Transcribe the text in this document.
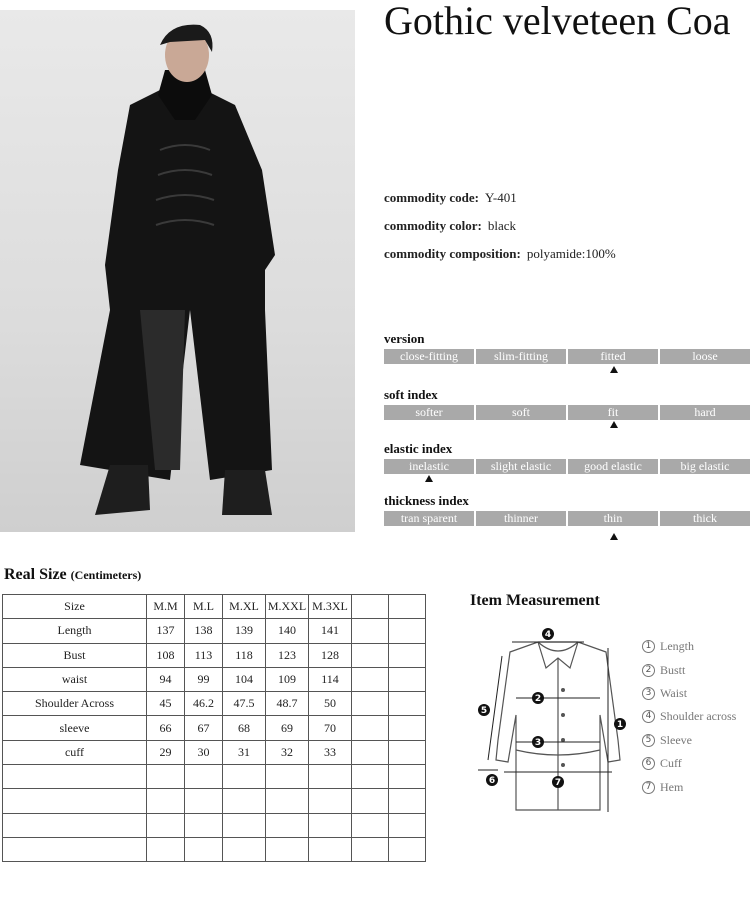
Gothic velveteen Coa
commodity code: Y-401
commodity color: black
commodity composition: polyamide:100%
version
close-fitting	slim-fitting	fitted	loose
soft index
softer	soft	fit	hard
elastic index
inelastic	slight elastic	good elastic	big elastic
thickness index
tran sparent	thinner	thin	thick
Real Size (Centimeters)
Size	M.M	M.L	M.XL	M.XXL	M.3XL		
Length	137	138	139	140	141		
Bust	108	113	118	123	128		
waist	94	99	104	109	114		
Shoulder Across	45	46.2	47.5	48.7	50		
sleeve	66	67	68	69	70		
cuff	29	30	31	32	33		

Item Measurement
4
2
3
7
1
5
6
1 Length
2 Bustt
3 Waist
4 Shoulder across
5 Sleeve
6 Cuff
7 Hem
